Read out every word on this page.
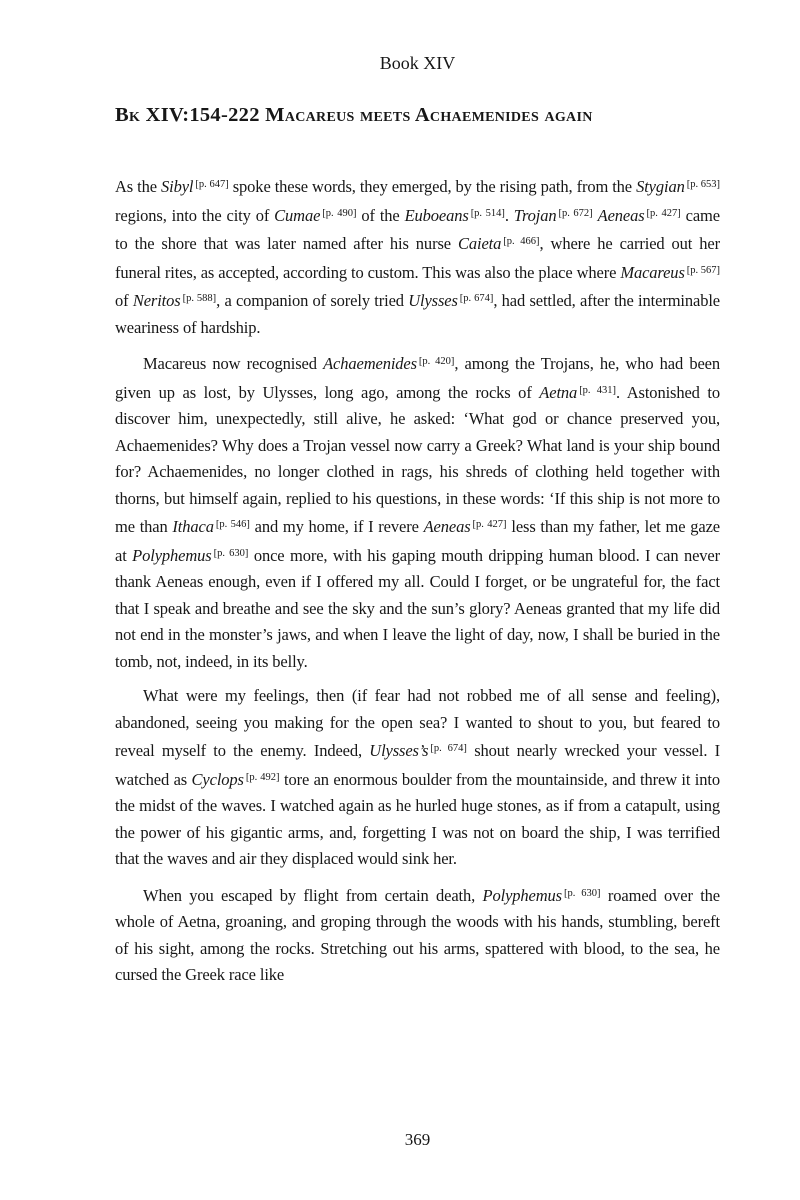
Book XIV
Bk XIV:154-222 Macareus meets Achaemenides again

As the Sibyl [p. 647] spoke these words, they emerged, by the rising path, from the Stygian [p. 653] regions, into the city of Cumae [p. 490] of the Euboeans [p. 514]. Trojan [p. 672] Aeneas [p. 427] came to the shore that was later named after his nurse Caieta [p. 466], where he carried out her funeral rites, as accepted, according to custom. This was also the place where Macareus [p. 567] of Neritos [p. 588], a companion of sorely tried Ulysses [p. 674], had settled, after the interminable weariness of hardship.

Macareus now recognised Achaemenides [p. 420], among the Trojans, he, who had been given up as lost, by Ulysses, long ago, among the rocks of Aetna [p. 431]. Astonished to discover him, unexpectedly, still alive, he asked: ‘What god or chance preserved you, Achaemenides? Why does a Trojan vessel now carry a Greek? What land is your ship bound for? Achaemenides, no longer clothed in rags, his shreds of clothing held together with thorns, but himself again, replied to his questions, in these words: ‘If this ship is not more to me than Ithaca [p. 546] and my home, if I revere Aeneas [p. 427] less than my father, let me gaze at Polyphemus [p. 630] once more, with his gaping mouth dripping human blood. I can never thank Aeneas enough, even if I offered my all. Could I forget, or be ungrateful for, the fact that I speak and breathe and see the sky and the sun’s glory? Aeneas granted that my life did not end in the monster’s jaws, and when I leave the light of day, now, I shall be buried in the tomb, not, indeed, in its belly.

What were my feelings, then (if fear had not robbed me of all sense and feeling), abandoned, seeing you making for the open sea? I wanted to shout to you, but feared to reveal myself to the enemy. Indeed, Ulysses’s [p. 674] shout nearly wrecked your vessel. I watched as Cyclops [p. 492] tore an enormous boulder from the mountainside, and threw it into the midst of the waves. I watched again as he hurled huge stones, as if from a catapult, using the power of his gigantic arms, and, forgetting I was not on board the ship, I was terrified that the waves and air they displaced would sink her.

When you escaped by flight from certain death, Polyphemus [p. 630] roamed over the whole of Aetna, groaning, and groping through the woods with his hands, stumbling, bereft of his sight, among the rocks. Stretching out his arms, spattered with blood, to the sea, he cursed the Greek race like

369
